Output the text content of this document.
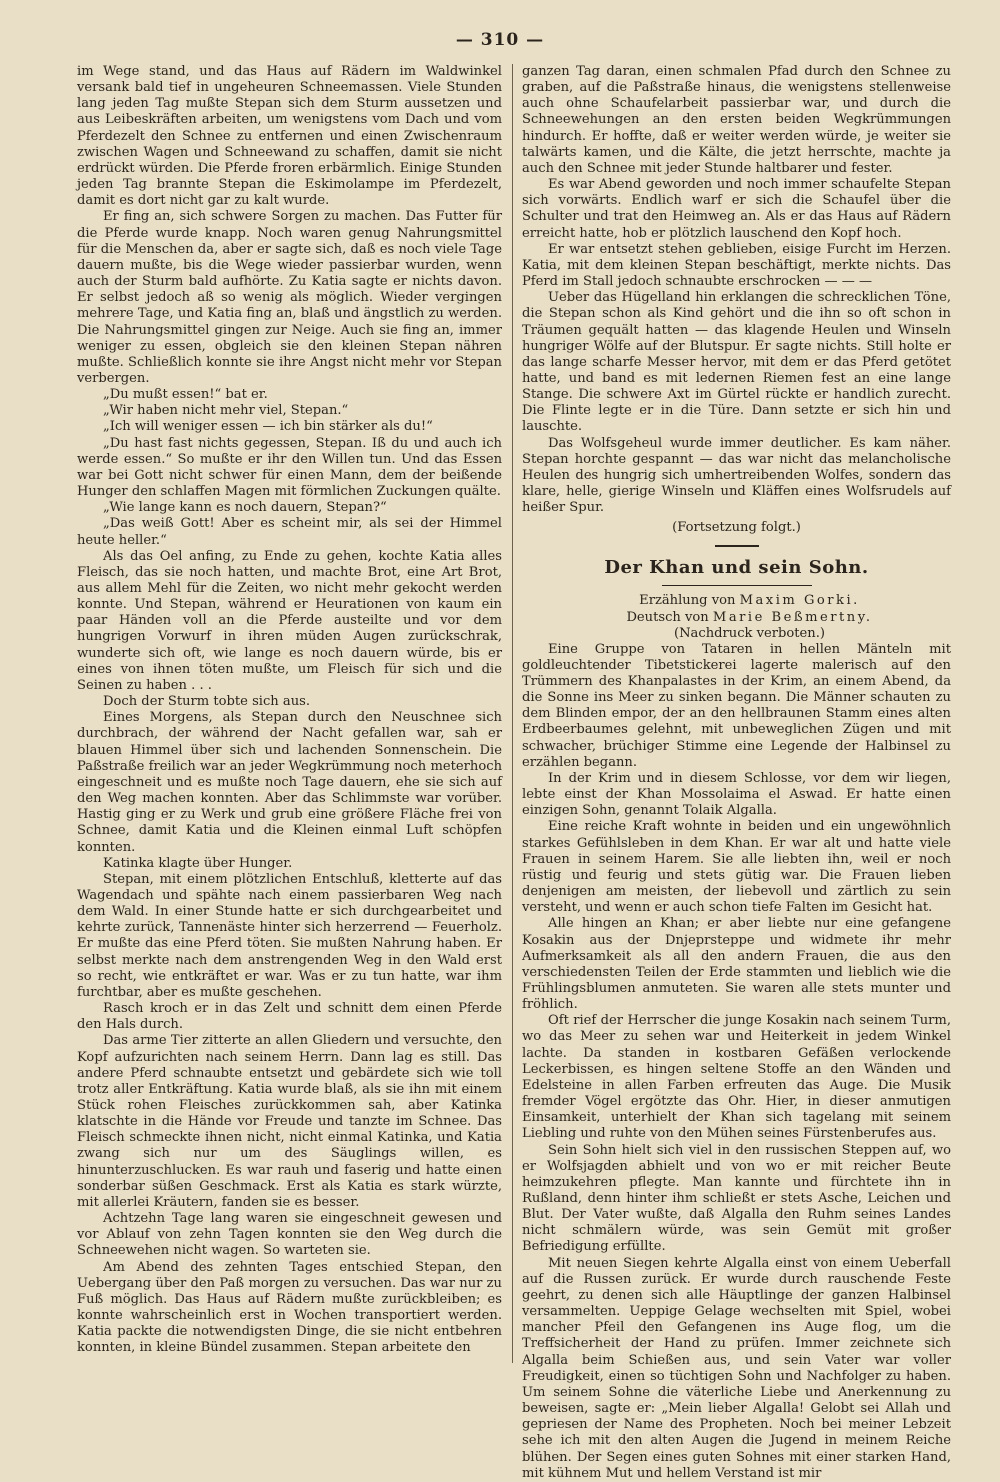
— 310 —

im Wege stand, und das Haus auf Rädern im Waldwinkel versank bald tief in ungeheuren Schneemassen. Viele Stunden lang jeden Tag mußte Stepan sich dem Sturm aussetzen und aus Leibeskräften arbeiten, um wenigstens vom Dach und vom Pferdezelt den Schnee zu entfernen und einen Zwischenraum zwischen Wagen und Schneewand zu schaffen, damit sie nicht erdrückt würden. Die Pferde froren erbärmlich. Einige Stunden jeden Tag brannte Stepan die Eskimolampe im Pferdezelt, damit es dort nicht gar zu kalt wurde.

Er fing an, sich schwere Sorgen zu machen. Das Futter für die Pferde wurde knapp. Noch waren genug Nahrungsmittel für die Menschen da, aber er sagte sich, daß es noch viele Tage dauern mußte, bis die Wege wieder passierbar wurden, wenn auch der Sturm bald aufhörte. Zu Katia sagte er nichts davon. Er selbst jedoch aß so wenig als möglich. Wieder vergingen mehrere Tage, und Katia fing an, blaß und ängstlich zu werden. Die Nahrungsmittel gingen zur Neige. Auch sie fing an, immer weniger zu essen, obgleich sie den kleinen Stepan nähren mußte. Schließlich konnte sie ihre Angst nicht mehr vor Stepan verbergen.

„Du mußt essen!“ bat er.

„Wir haben nicht mehr viel, Stepan.“

„Ich will weniger essen — ich bin stärker als du!“

„Du hast fast nichts gegessen, Stepan. Iß du und auch ich werde essen.“ So mußte er ihr den Willen tun. Und das Essen war bei Gott nicht schwer für einen Mann, dem der beißende Hunger den schlaffen Magen mit förmlichen Zuckungen quälte.

„Wie lange kann es noch dauern, Stepan?“

„Das weiß Gott! Aber es scheint mir, als sei der Himmel heute heller.“

Als das Oel anfing, zu Ende zu gehen, kochte Katia alles Fleisch, das sie noch hatten, und machte Brot, eine Art Brot, aus allem Mehl für die Zeiten, wo nicht mehr gekocht werden konnte. Und Stepan, während er Heurationen von kaum ein paar Händen voll an die Pferde austeilte und vor dem hungrigen Vorwurf in ihren müden Augen zurückschrak, wunderte sich oft, wie lange es noch dauern würde, bis er eines von ihnen töten mußte, um Fleisch für sich und die Seinen zu haben . . .

Doch der Sturm tobte sich aus.

Eines Morgens, als Stepan durch den Neuschnee sich durchbrach, der während der Nacht gefallen war, sah er blauen Himmel über sich und lachenden Sonnenschein. Die Paßstraße freilich war an jeder Wegkrümmung noch meterhoch eingeschneit und es mußte noch Tage dauern, ehe sie sich auf den Weg machen konnten. Aber das Schlimmste war vorüber. Hastig ging er zu Werk und grub eine größere Fläche frei von Schnee, damit Katia und die Kleinen einmal Luft schöpfen konnten.

Katinka klagte über Hunger.

Stepan, mit einem plötzlichen Entschluß, kletterte auf das Wagendach und spähte nach einem passierbaren Weg nach dem Wald. In einer Stunde hatte er sich durchgearbeitet und kehrte zurück, Tannenäste hinter sich herzerrend — Feuerholz. Er mußte das eine Pferd töten. Sie mußten Nahrung haben. Er selbst merkte nach dem anstrengenden Weg in den Wald erst so recht, wie entkräftet er war. Was er zu tun hatte, war ihm furchtbar, aber es mußte geschehen.

Rasch kroch er in das Zelt und schnitt dem einen Pferde den Hals durch.

Das arme Tier zitterte an allen Gliedern und versuchte, den Kopf aufzurichten nach seinem Herrn. Dann lag es still. Das andere Pferd schnaubte entsetzt und gebärdete sich wie toll trotz aller Entkräftung. Katia wurde blaß, als sie ihn mit einem Stück rohen Fleisches zurückkommen sah, aber Katinka klatschte in die Hände vor Freude und tanzte im Schnee. Das Fleisch schmeckte ihnen nicht, nicht einmal Katinka, und Katia zwang sich nur um des Säuglings willen, es hinunterzuschlucken. Es war rauh und faserig und hatte einen sonderbar süßen Geschmack. Erst als Katia es stark würzte, mit allerlei Kräutern, fanden sie es besser.

Achtzehn Tage lang waren sie eingeschneit gewesen und vor Ablauf von zehn Tagen konnten sie den Weg durch die Schneewehen nicht wagen. So warteten sie.

Am Abend des zehnten Tages entschied Stepan, den Uebergang über den Paß morgen zu versuchen. Das war nur zu Fuß möglich. Das Haus auf Rädern mußte zurückbleiben; es konnte wahrscheinlich erst in Wochen transportiert werden. Katia packte die notwendigsten Dinge, die sie nicht entbehren konnten, in kleine Bündel zusammen. Stepan arbeitete den

ganzen Tag daran, einen schmalen Pfad durch den Schnee zu graben, auf die Paßstraße hinaus, die wenigstens stellenweise auch ohne Schaufelarbeit passierbar war, und durch die Schneewehungen an den ersten beiden Wegkrümmungen hindurch. Er hoffte, daß er weiter werden würde, je weiter sie talwärts kamen, und die Kälte, die jetzt herrschte, machte ja auch den Schnee mit jeder Stunde haltbarer und fester.

Es war Abend geworden und noch immer schaufelte Stepan sich vorwärts. Endlich warf er sich die Schaufel über die Schulter und trat den Heimweg an. Als er das Haus auf Rädern erreicht hatte, hob er plötzlich lauschend den Kopf hoch.

Er war entsetzt stehen geblieben, eisige Furcht im Herzen. Katia, mit dem kleinen Stepan beschäftigt, merkte nichts. Das Pferd im Stall jedoch schnaubte erschrocken — — —

Ueber das Hügelland hin erklangen die schrecklichen Töne, die Stepan schon als Kind gehört und die ihn so oft schon in Träumen gequält hatten — das klagende Heulen und Winseln hungriger Wölfe auf der Blutspur. Er sagte nichts. Still holte er das lange scharfe Messer hervor, mit dem er das Pferd getötet hatte, und band es mit ledernen Riemen fest an eine lange Stange. Die schwere Axt im Gürtel rückte er handlich zurecht. Die Flinte legte er in die Türe. Dann setzte er sich hin und lauschte.

Das Wolfsgeheul wurde immer deutlicher. Es kam näher. Stepan horchte gespannt — das war nicht das melancholische Heulen des hungrig sich umhertreibenden Wolfes, sondern das klare, helle, gierige Winseln und Kläffen eines Wolfsrudels auf heißer Spur.

(Fortsetzung folgt.)

Der Khan und sein Sohn.

Erzählung von Maxim Gorki.

Deutsch von Marie Beßmertny.

(Nachdruck verboten.)

Eine Gruppe von Tataren in hellen Mänteln mit goldleuchtender Tibetstickerei lagerte malerisch auf den Trümmern des Khanpalastes in der Krim, an einem Abend, da die Sonne ins Meer zu sinken begann. Die Männer schauten zu dem Blinden empor, der an den hellbraunen Stamm eines alten Erdbeerbaumes gelehnt, mit unbeweglichen Zügen und mit schwacher, brüchiger Stimme eine Legende der Halbinsel zu erzählen begann.

In der Krim und in diesem Schlosse, vor dem wir liegen, lebte einst der Khan Mossolaima el Aswad. Er hatte einen einzigen Sohn, genannt Tolaik Algalla.

Eine reiche Kraft wohnte in beiden und ein ungewöhnlich starkes Gefühlsleben in dem Khan. Er war alt und hatte viele Frauen in seinem Harem. Sie alle liebten ihn, weil er noch rüstig und feurig und stets gütig war. Die Frauen lieben denjenigen am meisten, der liebevoll und zärtlich zu sein versteht, und wenn er auch schon tiefe Falten im Gesicht hat.

Alle hingen an Khan; er aber liebte nur eine gefangene Kosakin aus der Dnjeprsteppe und widmete ihr mehr Aufmerksamkeit als all den andern Frauen, die aus den verschiedensten Teilen der Erde stammten und lieblich wie die Frühlingsblumen anmuteten. Sie waren alle stets munter und fröhlich.

Oft rief der Herrscher die junge Kosakin nach seinem Turm, wo das Meer zu sehen war und Heiterkeit in jedem Winkel lachte. Da standen in kostbaren Gefäßen verlockende Leckerbissen, es hingen seltene Stoffe an den Wänden und Edelsteine in allen Farben erfreuten das Auge. Die Musik fremder Vögel ergötzte das Ohr. Hier, in dieser anmutigen Einsamkeit, unterhielt der Khan sich tagelang mit seinem Liebling und ruhte von den Mühen seines Fürstenberufes aus.

Sein Sohn hielt sich viel in den russischen Steppen auf, wo er Wolfsjagden abhielt und von wo er mit reicher Beute heimzukehren pflegte. Man kannte und fürchtete ihn in Rußland, denn hinter ihm schließt er stets Asche, Leichen und Blut. Der Vater wußte, daß Algalla den Ruhm seines Landes nicht schmälern würde, was sein Gemüt mit großer Befriedigung erfüllte.

Mit neuen Siegen kehrte Algalla einst von einem Ueberfall auf die Russen zurück. Er wurde durch rauschende Feste geehrt, zu denen sich alle Häuptlinge der ganzen Halbinsel versammelten. Ueppige Gelage wechselten mit Spiel, wobei mancher Pfeil den Gefangenen ins Auge flog, um die Treffsicherheit der Hand zu prüfen. Immer zeichnete sich Algalla beim Schießen aus, und sein Vater war voller Freudigkeit, einen so tüchtigen Sohn und Nachfolger zu haben. Um seinem Sohne die väterliche Liebe und Anerkennung zu beweisen, sagte er: „Mein lieber Algalla! Gelobt sei Allah und gepriesen der Name des Propheten. Noch bei meiner Lebzeit sehe ich mit den alten Augen die Jugend in meinem Reiche blühen. Der Segen eines guten Sohnes mit einer starken Hand, mit kühnem Mut und hellem Verstand ist mir
